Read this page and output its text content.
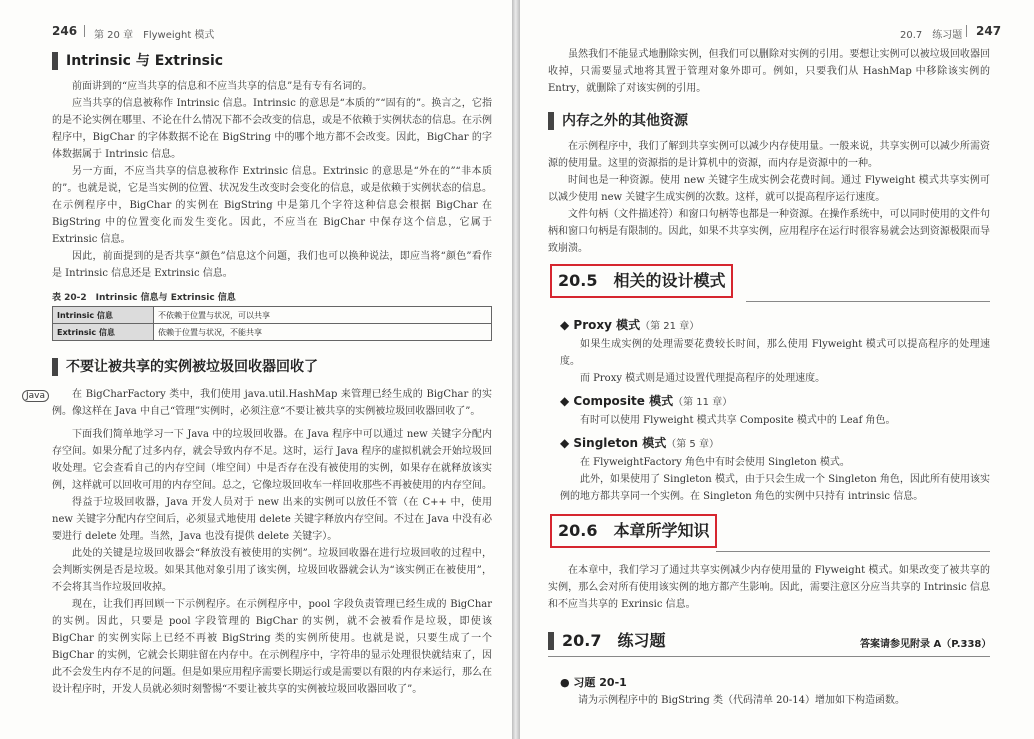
246 第 20 章　Flyweight 模式
Intrinsic 与 Extrinsic
前面讲到的“应当共享的信息和不应当共享的信息”是有专有名词的。
应当共享的信息被称作 Intrinsic 信息。Intrinsic 的意思是“本质的”“固有的”。换言之，它指的是不论实例在哪里、不论在什么情况下都不会改变的信息，或是不依赖于实例状态的信息。在示例程序中，BigChar 的字体数据不论在 BigString 中的哪个地方都不会改变。因此，BigChar 的字体数据属于 Intrinsic 信息。
另一方面，不应当共享的信息被称作 Extrinsic 信息。Extrinsic 的意思是“外在的”“非本质的”。也就是说，它是当实例的位置、状况发生改变时会变化的信息，或是依赖于实例状态的信息。在示例程序中，BigChar 的实例在 BigString 中是第几个字符这种信息会根据 BigChar 在 BigString 中的位置变化而发生变化。因此，不应当在 BigChar 中保存这个信息，它属于 Extrinsic 信息。
因此，前面提到的是否共享“颜色”信息这个问题，我们也可以换种说法，即应当将“颜色”看作是 Intrinsic 信息还是 Extrinsic 信息。
表 20-2　Intrinsic 信息与 Extrinsic 信息
Intrinsic 信息	不依赖于位置与状况，可以共享
Extrinsic 信息	依赖于位置与状况，不能共享
不要让被共享的实例被垃圾回收器回收了
Java	在 BigCharFactory 类中，我们使用 java.util.HashMap 来管理已经生成的 BigChar 的实例。像这样在 Java 中自己“管理”实例时，必须注意“不要让被共享的实例被垃圾回收器回收了”。
下面我们简单地学习一下 Java 中的垃圾回收器。在 Java 程序中可以通过 new 关键字分配内存空间。如果分配了过多内存，就会导致内存不足。这时，运行 Java 程序的虚拟机就会开始垃圾回收处理。它会查看自己的内存空间（堆空间）中是否存在没有被使用的实例，如果存在就释放该实例，这样就可以回收可用的内存空间。总之，它像垃圾回收车一样回收那些不再被使用的内存空间。
得益于垃圾回收器，Java 开发人员对于 new 出来的实例可以放任不管（在 C++ 中，使用 new 关键字分配内存空间后，必须显式地使用 delete 关键字释放内存空间。不过在 Java 中没有必要进行 delete 处理。当然，Java 也没有提供 delete 关键字）。
此处的关键是垃圾回收器会“释放没有被使用的实例”。垃圾回收器在进行垃圾回收的过程中，会判断实例是否是垃圾。如果其他对象引用了该实例，垃圾回收器就会认为“该实例正在被使用”，不会将其当作垃圾回收掉。
现在，让我们再回顾一下示例程序。在示例程序中，pool 字段负责管理已经生成的 BigChar 的实例。因此，只要是 pool 字段管理的 BigChar 的实例，就不会被看作是垃圾，即使该 BigChar 的实例实际上已经不再被 BigString 类的实例所使用。也就是说，只要生成了一个 BigChar 的实例，它就会长期驻留在内存中。在示例程序中，字符串的显示处理很快就结束了，因此不会发生内存不足的问题。但是如果应用程序需要长期运行或是需要以有限的内存来运行，那么在设计程序时，开发人员就必须时刻警惕“不要让被共享的实例被垃圾回收器回收了”。
20.7　练习题 247
虽然我们不能显式地删除实例，但我们可以删除对实例的引用。要想让实例可以被垃圾回收器回收掉，只需要显式地将其置于管理对象外即可。例如，只要我们从 HashMap 中移除该实例的 Entry，就删除了对该实例的引用。
内存之外的其他资源
在示例程序中，我们了解到共享实例可以减少内存使用量。一般来说，共享实例可以减少所需资源的使用量。这里的资源指的是计算机中的资源，而内存是资源中的一种。
时间也是一种资源。使用 new 关键字生成实例会花费时间。通过 Flyweight 模式共享实例可以减少使用 new 关键字生成实例的次数。这样，就可以提高程序运行速度。
文件句柄（文件描述符）和窗口句柄等也都是一种资源。在操作系统中，可以同时使用的文件句柄和窗口句柄是有限制的。因此，如果不共享实例，应用程序在运行时很容易就会达到资源极限而导致崩溃。
20.5　相关的设计模式
◆ Proxy 模式（第 21 章）
如果生成实例的处理需要花费较长时间，那么使用 Flyweight 模式可以提高程序的处理速度。
而 Proxy 模式则是通过设置代理提高程序的处理速度。
◆ Composite 模式（第 11 章）
有时可以使用 Flyweight 模式共享 Composite 模式中的 Leaf 角色。
◆ Singleton 模式（第 5 章）
在 FlyweightFactory 角色中有时会使用 Singleton 模式。
此外，如果使用了 Singleton 模式，由于只会生成一个 Singleton 角色，因此所有使用该实例的地方都共享同一个实例。在 Singleton 角色的实例中只持有 intrinsic 信息。
20.6　本章所学知识
在本章中，我们学习了通过共享实例减少内存使用量的 Flyweight 模式。如果改变了被共享的实例，那么会对所有使用该实例的地方都产生影响。因此，需要注意区分应当共享的 Intrinsic 信息和不应当共享的 Exrinsic 信息。
20.7　练习题	答案请参见附录 A（P.338）
● 习题 20-1
请为示例程序中的 BigString 类（代码清单 20-14）增加如下构造函数。
